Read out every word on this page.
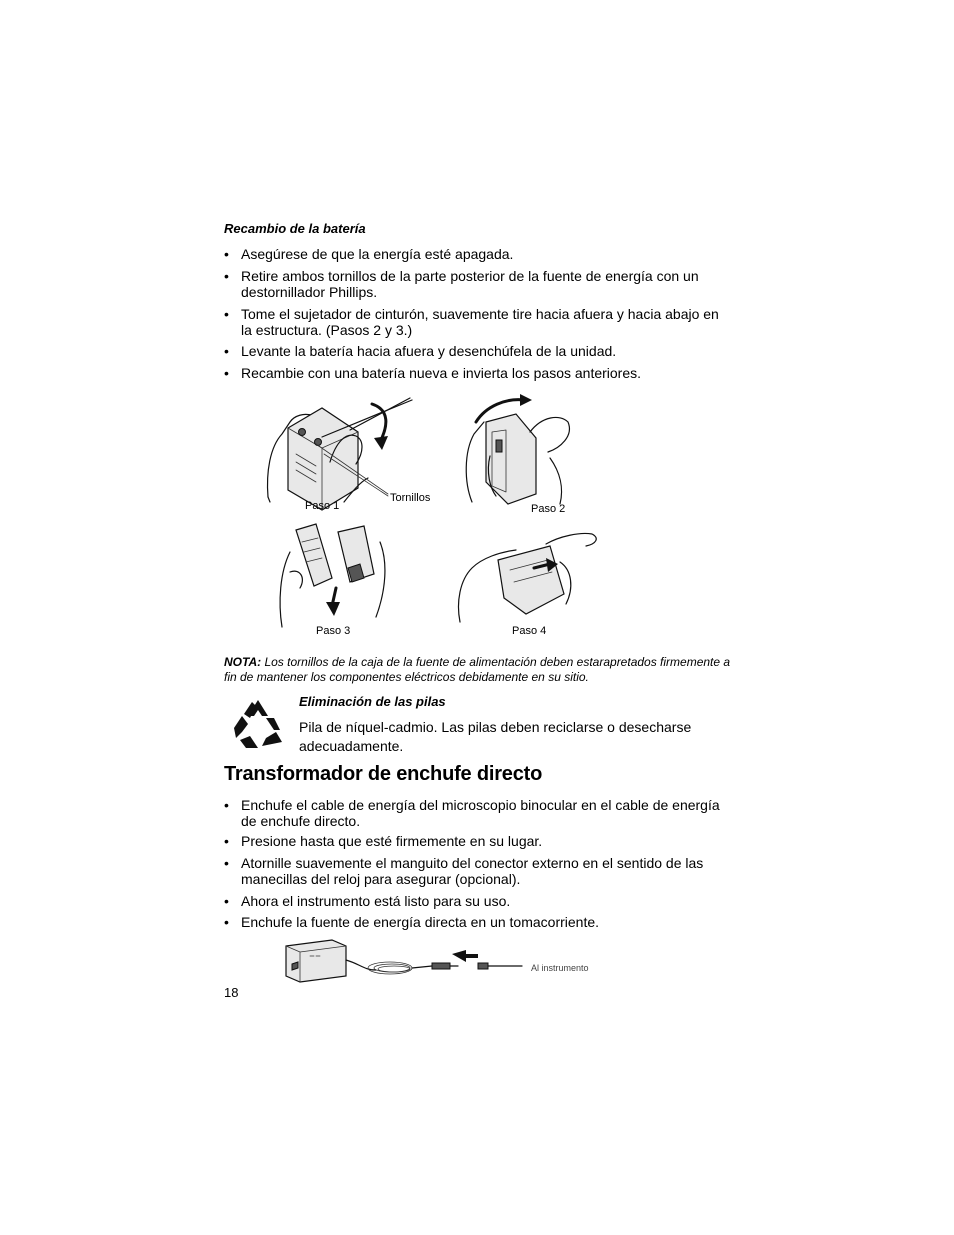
Recambio de la batería
• Asegúrese de que la energía esté apagada.
• Retire ambos tornillos de la parte posterior de la fuente de energía con un destornillador Phillips.
• Tome el sujetador de cinturón, suavemente tire hacia afuera y hacia abajo en la estructura. (Pasos 2 y 3.)
• Levante la batería hacia afuera y desenchúfela de la unidad.
• Recambie con una batería nueva e invierta los pasos anteriores.
Tornillos
Paso 1	Paso 2
Paso 3	Paso 4
NOTA: Los tornillos de la caja de la fuente de alimentación deben estarapretados firmemente a fin de mantener los componentes eléctricos debidamente en su sitio.
Eliminación de las pilas
Pila de níquel-cadmio. Las pilas deben reciclarse o desecharse adecuadamente.
Transformador de enchufe directo
• Enchufe el cable de energía del microscopio binocular en el cable de energía de enchufe directo.
• Presione hasta que esté firmemente en su lugar.
• Atornille suavemente el manguito del conector externo en el sentido de las manecillas del reloj para asegurar (opcional).
• Ahora el instrumento está listo para su uso.
• Enchufe la fuente de energía directa en un tomacorriente.
Al instrumento
18
